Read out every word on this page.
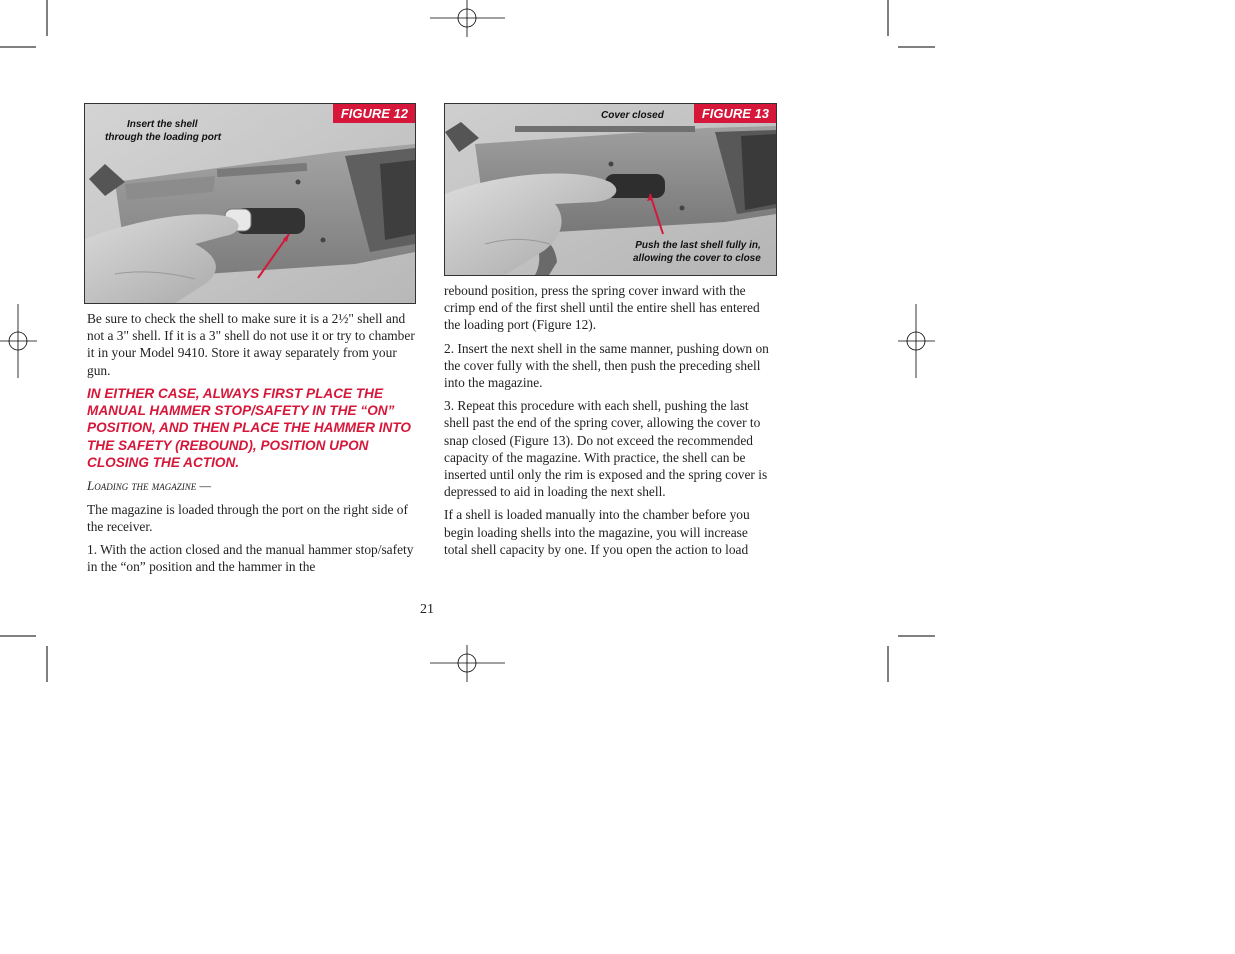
FIGURE 12
Insert the shell
through the loading port
FIGURE 13
Cover closed
Push the last shell fully in,
allowing the cover to close

Be sure to check the shell to make sure it is a 2½" shell and not a 3" shell. If it is a 3" shell do not use it or try to chamber it in your Model 9410. Store it away separately from your gun.

IN EITHER CASE, ALWAYS FIRST PLACE THE MANUAL HAMMER STOP/SAFETY IN THE “ON” POSITION, AND THEN PLACE THE HAMMER INTO THE SAFETY (REBOUND), POSITION UPON CLOSING THE ACTION.

Loading the magazine —

The magazine is loaded through the port on the right side of the receiver.

1. With the action closed and the manual hammer stop/safety in the “on” position and the hammer in the

rebound position, press the spring cover inward with the crimp end of the first shell until the entire shell has entered the loading port (Figure 12).

2. Insert the next shell in the same manner, pushing down on the cover fully with the shell, then push the preceding shell into the magazine.

3. Repeat this procedure with each shell, pushing the last shell past the end of the spring cover, allowing the cover to snap closed (Figure 13). Do not exceed the recommended capacity of the magazine. With practice, the shell can be inserted until only the rim is exposed and the spring cover is depressed to aid in loading the next shell.

If a shell is loaded manually into the chamber before you begin loading shells into the magazine, you will increase total shell capacity by one. If you open the action to load

21
